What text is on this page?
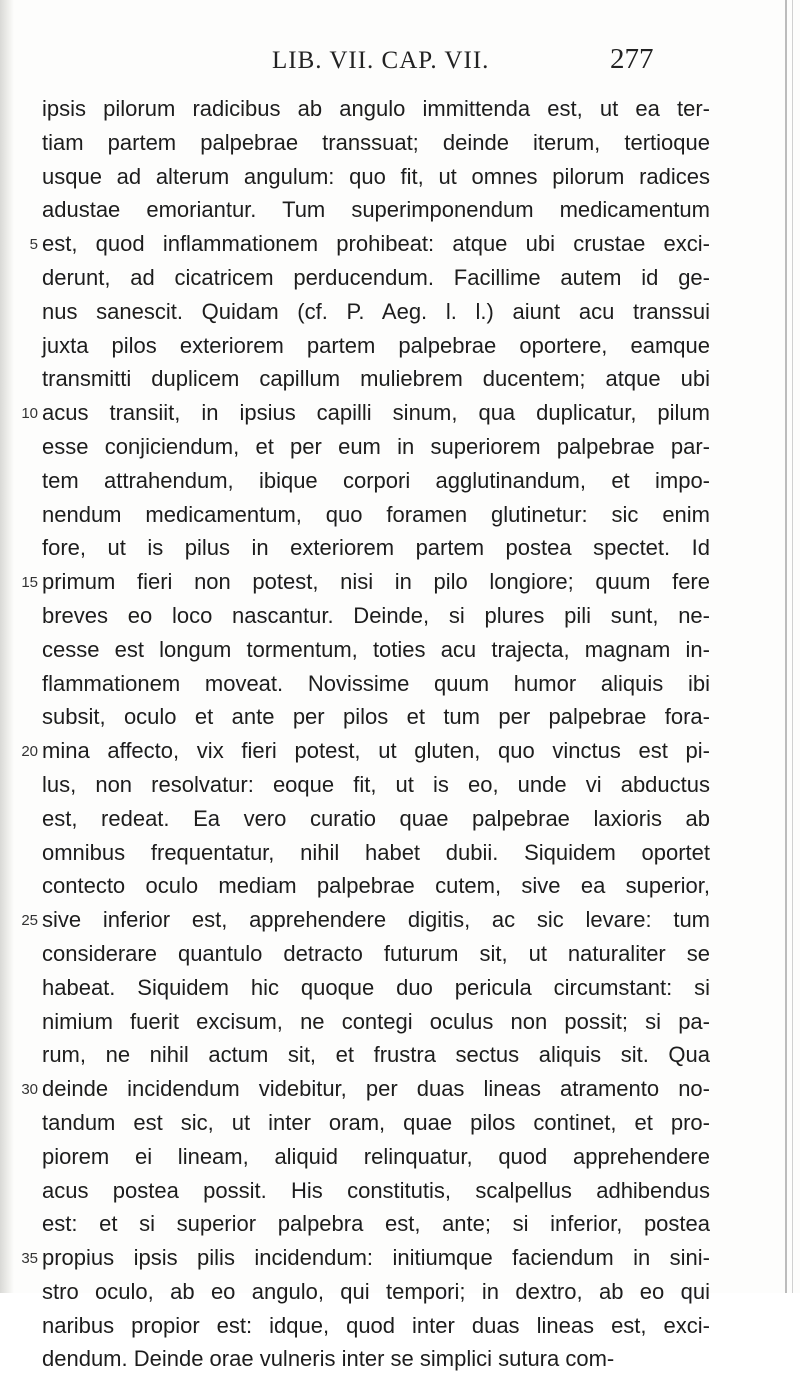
LIB. VII. CAP. VII.	277
ipsis pilorum radicibus ab angulo immittenda est, ut ea ter-
tiam partem palpebrae transsuat; deinde iterum, tertioque
usque ad alterum angulum: quo fit, ut omnes pilorum radices
adustae emoriantur. Tum superimponendum medicamentum
5 est, quod inflammationem prohibeat: atque ubi crustae exci-
derunt, ad cicatricem perducendum. Facillime autem id ge-
nus sanescit. Quidam (cf. P. Aeg. l. l.) aiunt acu transsui
juxta pilos exteriorem partem palpebrae oportere, eamque
transmitti duplicem capillum muliebrem ducentem; atque ubi
10 acus transiit, in ipsius capilli sinum, qua duplicatur, pilum
esse conjiciendum, et per eum in superiorem palpebrae par-
tem attrahendum, ibique corpori agglutinandum, et impo-
nendum medicamentum, quo foramen glutinetur: sic enim
fore, ut is pilus in exteriorem partem postea spectet. Id
15 primum fieri non potest, nisi in pilo longiore; quum fere
breves eo loco nascantur. Deinde, si plures pili sunt, ne-
cesse est longum tormentum, toties acu trajecta, magnam in-
flammationem moveat. Novissime quum humor aliquis ibi
subsit, oculo et ante per pilos et tum per palpebrae fora-
20 mina affecto, vix fieri potest, ut gluten, quo vinctus est pi-
lus, non resolvatur: eoque fit, ut is eo, unde vi abductus
est, redeat. Ea vero curatio quae palpebrae laxioris ab
omnibus frequentatur, nihil habet dubii. Siquidem oportet
contecto oculo mediam palpebrae cutem, sive ea superior,
25 sive inferior est, apprehendere digitis, ac sic levare: tum
considerare quantulo detracto futurum sit, ut naturaliter se
habeat. Siquidem hic quoque duo pericula circumstant: si
nimium fuerit excisum, ne contegi oculus non possit; si pa-
rum, ne nihil actum sit, et frustra sectus aliquis sit. Qua
30 deinde incidendum videbitur, per duas lineas atramento no-
tandum est sic, ut inter oram, quae pilos continet, et pro-
piorem ei lineam, aliquid relinquatur, quod apprehendere
acus postea possit. His constitutis, scalpellus adhibendus
est: et si superior palpebra est, ante; si inferior, postea
35 propius ipsis pilis incidendum: initiumque faciendum in sini-
stro oculo, ab eo angulo, qui tempori; in dextro, ab eo qui
naribus propior est: idque, quod inter duas lineas est, exci-
dendum. Deinde orae vulneris inter se simplici sutura com-
